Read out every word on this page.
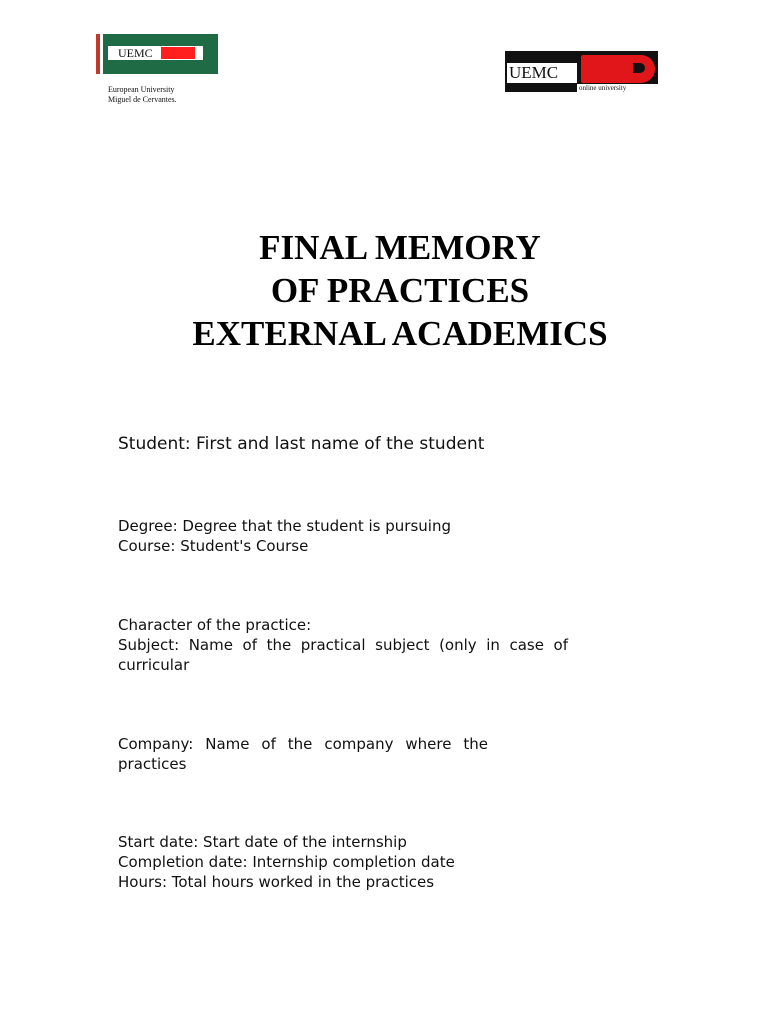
UEMC
European University
Miguel de Cervantes.
UEMC
online university
FINAL MEMORY
OF PRACTICES
EXTERNAL ACADEMICS
Student: First and last name of the student
Degree: Degree that the student is pursuing
Course: Student's Course
Character of the practice:
Subject: Name of the practical subject (only in case of
curricular
Company: Name of the company where the
practices
Start date: Start date of the internship
Completion date: Internship completion date
Hours: Total hours worked in the practices
